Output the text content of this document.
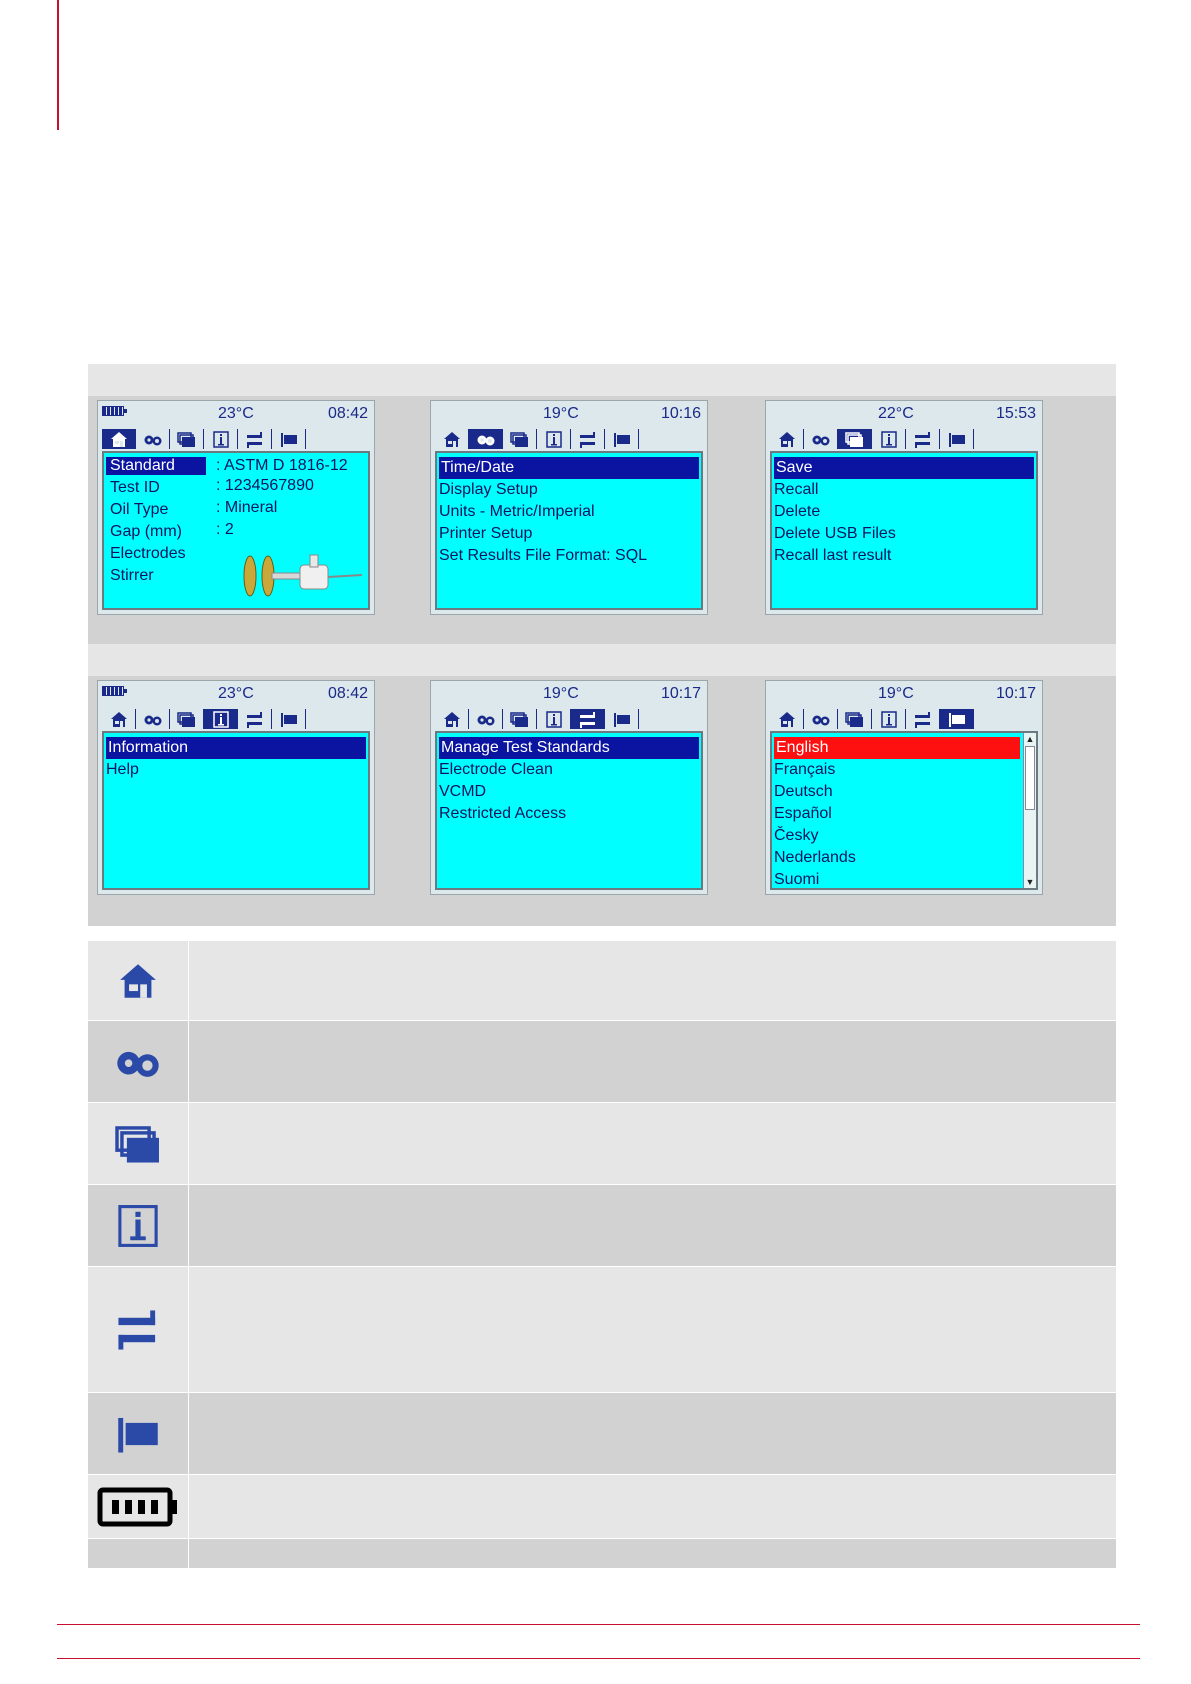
23°C	08:42
Standard	: ASTM D 1816-12
Test ID	: 1234567890
Oil Type	: Mineral
Gap (mm) : 2
Electrodes
Stirrer
19°C	10:16
Time/Date
Display Setup
Units - Metric/Imperial
Printer Setup
Set Results File Format: SQL
22°C	15:53
Save
Recall
Delete
Delete USB Files
Recall last result
23°C	08:42
Information
Help
19°C	10:17
Manage Test Standards
Electrode Clean
VCMD
Restricted Access
19°C	10:17
English
Français
Deutsch
Español
Česky
Nederlands
Suomi
▲
▼
